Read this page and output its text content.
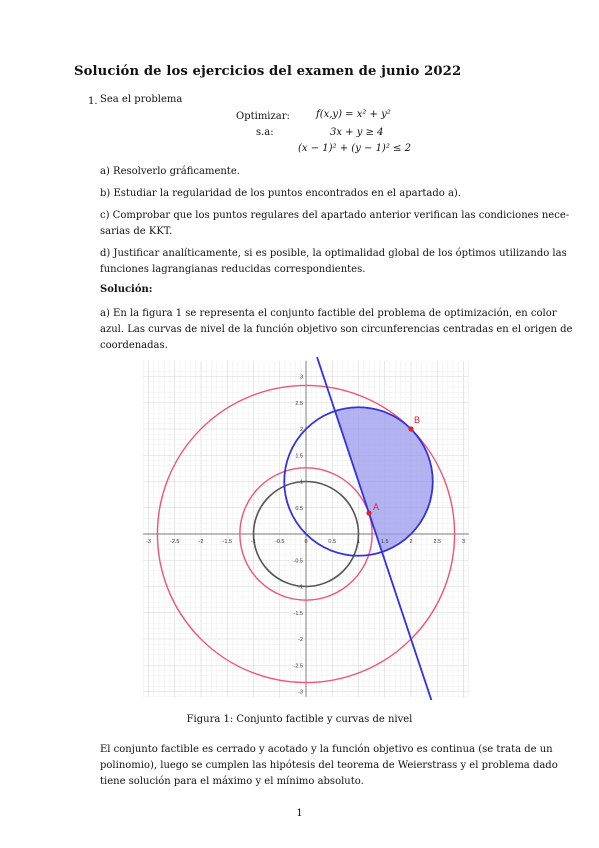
Solución de los ejercicios del examen de junio 2022
1. Sea el problema
Optimizar:	f(x,y) = x² + y²
s.a:	3x + y ≥ 4
(x − 1)² + (y − 1)² ≤ 2
a) Resolverlo gráficamente.
b) Estudiar la regularidad de los puntos encontrados en el apartado a).
c) Comprobar que los puntos regulares del apartado anterior verifican las condiciones nece-
sarias de KKT.
d) Justificar analíticamente, si es posible, la optimalidad global de los óptimos utilizando las
funciones lagrangianas reducidas correspondientes.
Solución:
a) En la figura 1 se representa el conjunto factible del problema de optimización, en color
azul. Las curvas de nivel de la función objetivo son circunferencias centradas en el origen de
coordenadas.
A
B
-3	-2.5	-2	-1.5	-1	-0.5	0	0.5	1	1.5	2	2.5	3
3
2.5
2
1.5
1
0.5
-0.5
-1
-1.5
-2
-2.5
-3
Figura 1: Conjunto factible y curvas de nivel
El conjunto factible es cerrado y acotado y la función objetivo es continua (se trata de un
polinomio), luego se cumplen las hipótesis del teorema de Weierstrass y el problema dado
tiene solución para el máximo y el mínimo absoluto.
1
